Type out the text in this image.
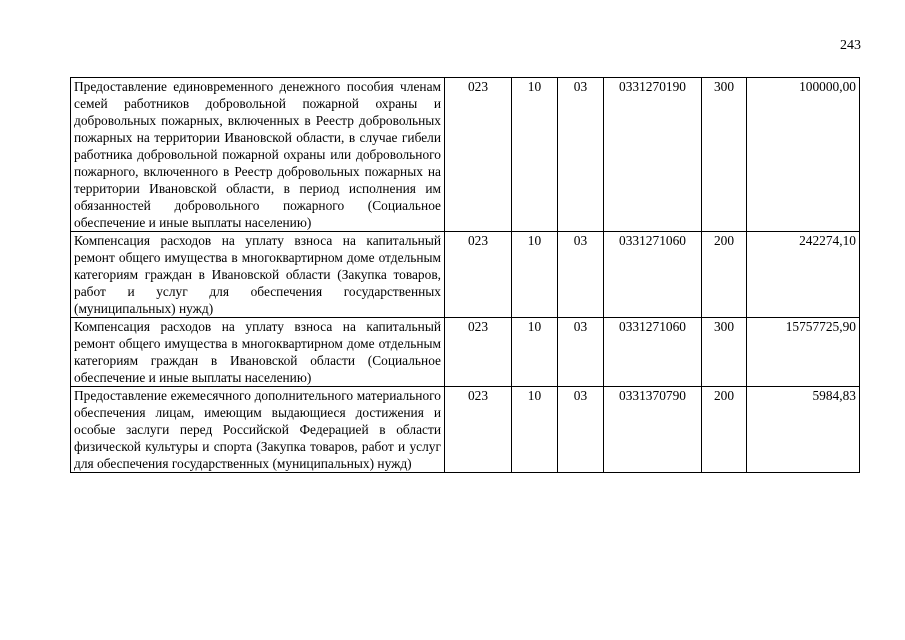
243
Предоставление единовременного денежного пособия членам семей работников добровольной пожарной охраны и добровольных пожарных, включенных в Реестр добровольных пожарных на территории Ивановской области, в случае гибели работника добровольной пожарной охраны или добровольного пожарного, включенного в Реестр добровольных пожарных на территории Ивановской области, в период исполнения им обязанностей добровольного пожарного (Социальное обеспечение и иные выплаты населению)	023	10	03	0331270190	300	100000,00
Компенсация расходов на уплату взноса на капитальный ремонт общего имущества в многоквартирном доме отдельным категориям граждан в Ивановской области (Закупка товаров, работ и услуг для обеспечения государственных (муниципальных) нужд)	023	10	03	0331271060	200	242274,10
Компенсация расходов на уплату взноса на капитальный ремонт общего имущества в многоквартирном доме отдельным категориям граждан в Ивановской области (Социальное обеспечение и иные выплаты населению)	023	10	03	0331271060	300	15757725,90
Предоставление ежемесячного дополнительного материального обеспечения лицам, имеющим выдающиеся достижения и особые заслуги перед Российской Федерацией в области физической культуры и спорта (Закупка товаров, работ и услуг для обеспечения государственных (муниципальных) нужд)	023	10	03	0331370790	200	5984,83
